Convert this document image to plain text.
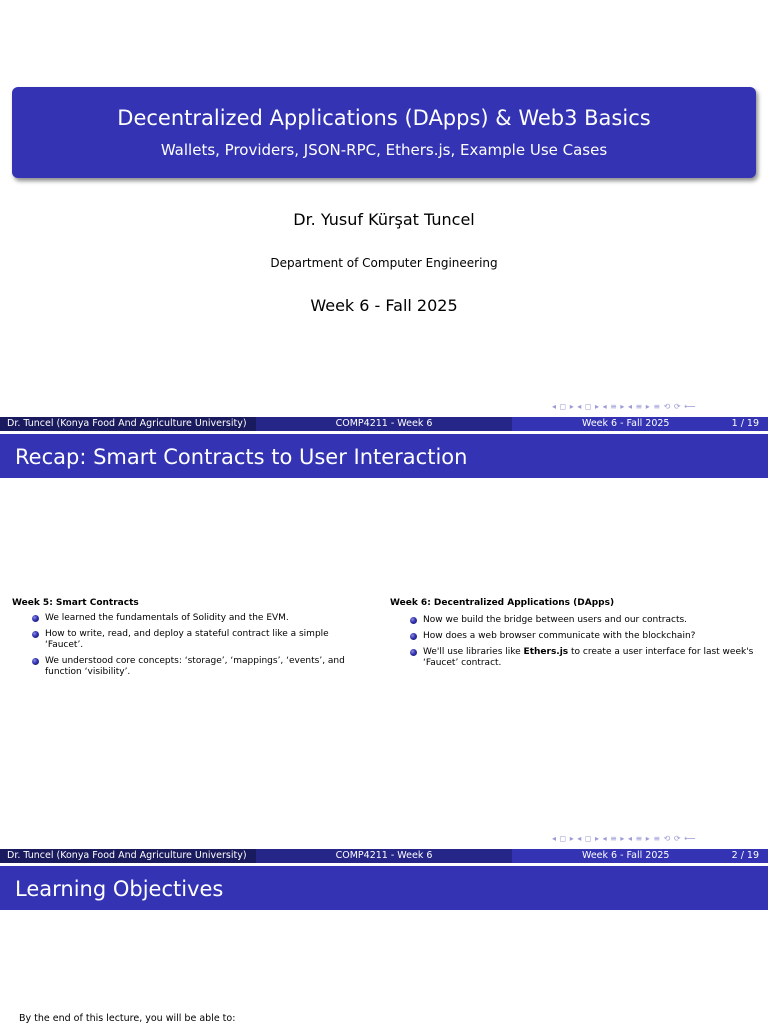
Decentralized Applications (DApps) & Web3 Basics
Wallets, Providers, JSON-RPC, Ethers.js, Example Use Cases
Dr. Yusuf Kürşat Tuncel
Department of Computer Engineering
Week 6 - Fall 2025
◂ ◻ ▸ ◂ ◻ ▸ ◂ ≡ ▸ ◂ ≡ ▸ ≡ ⟲ ⟳ ⟵
Dr. Tuncel (Konya Food And Agriculture University)	COMP4211 - Week 6	Week 6 - Fall 2025	1 / 19
Recap: Smart Contracts to User Interaction
Week 5: Smart Contracts
We learned the fundamentals of Solidity and the EVM.
How to write, read, and deploy a stateful contract like a simple ‘Faucet’.
We understood core concepts: ‘storage’, ‘mappings’, ‘events’, and function ‘visibility’.
Week 6: Decentralized Applications (DApps)
Now we build the bridge between users and our contracts.
How does a web browser communicate with the blockchain?
We'll use libraries like Ethers.js to create a user interface for last week's ‘Faucet’ contract.
◂ ◻ ▸ ◂ ◻ ▸ ◂ ≡ ▸ ◂ ≡ ▸ ≡ ⟲ ⟳ ⟵
Dr. Tuncel (Konya Food And Agriculture University)	COMP4211 - Week 6	Week 6 - Fall 2025	2 / 19
Learning Objectives
By the end of this lecture, you will be able to:
